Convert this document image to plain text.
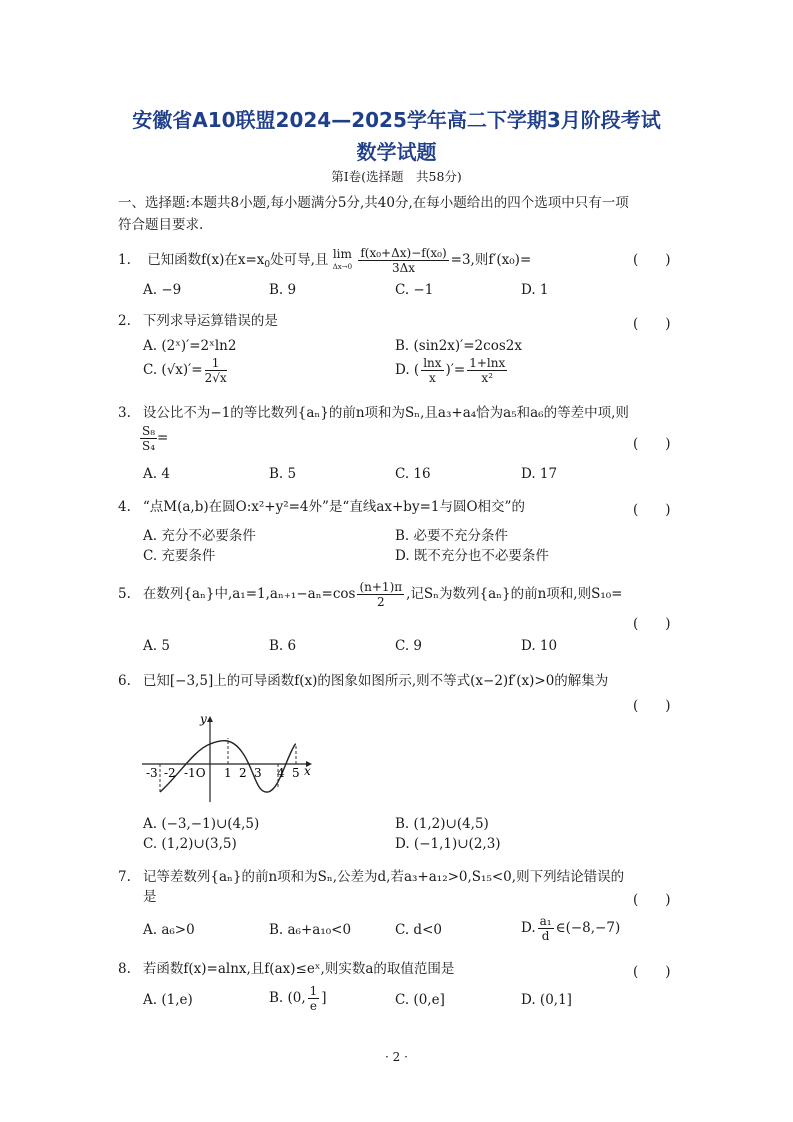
安徽省A10联盟2024—2025学年高二下学期3月阶段考试
数学试题
第Ⅰ卷(选择题　共58分)
一、选择题:本题共8小题,每小题满分5分,共40分,在每小题给出的四个选项中只有一项
符合题目要求.
1. 已知函数f(x)在$x=x_0$处可导,且 lim
Δx→0
$\frac{\text{f(x₀+Δx)−f(x₀)}}{3\Delta x} =3$,则f′(x₀)=	(　　)
A. −9	B. 9	C. −1	D. 1
2. 下列求导运算错误的是	(　　)
A. (2ˣ)′=2ˣln2	B. (sin2x)′=2cos2x
C. $(√x)'= \frac{1}{2√x}$	D. ( $\frac{\ln x}{x}$ )′= $\frac{1+\ln x}{\text{x²}}$
3. 设公比不为−1的等比数列{aₙ}的前n项和为Sₙ,且a₃+a₄恰为a₅和a₆的等差中项,则
$\frac{\text{S₈}}{\text{S₄}}$ =	(　　)
A. 4	B. 5	C. 16	D. 17
4. “点M(a,b)在圆O:x²+y²=4外”是“直线ax+by=1与圆O相交”的	(　　)
A. 充分不必要条件	B. 必要不充分条件
C. 充要条件	D. 既不充分也不必要条件
5. 在数列{aₙ}中$,a_1=1,a_{n+1}-a_n=\cos \frac{(n+1)\pi}{2}$ ,记Sₙ为数列{aₙ}的前n项和,则S₁₀=
(　　)
A. 5	B. 6	C. 9	D. 10
6. 已知[−3,5]上的可导函数f(x)的图象如图所示,则不等式(x−2)f′(x)>0的解集为
(　　)
y
x
-3 -2 -1O 1 2 3 4 5
A. (−3,−1)∪(4,5)	B. (1,2)∪(4,5)
C. (1,2)∪(3,5)	D. (−1,1)∪(2,3)
7. 记等差数列{aₙ}的前n项和为Sₙ,公差为d,若a₃+a₁₂>0,S₁₅<0,则下列结论错误的
是	(　　)
A. a₆>0	B. a₆+a₁₀<0	C. d<0	D. $\frac{\text{a₁}}{d}$ ∈(−8,−7)
8. 若函数f(x)=alnx,且f(ax)≤eˣ,则实数a的取值范围是	(　　)
A. (1,e)	B. (0, $\frac{1}{e}$ ]	C. (0,e]	D. (0,1]
· 2 ·
